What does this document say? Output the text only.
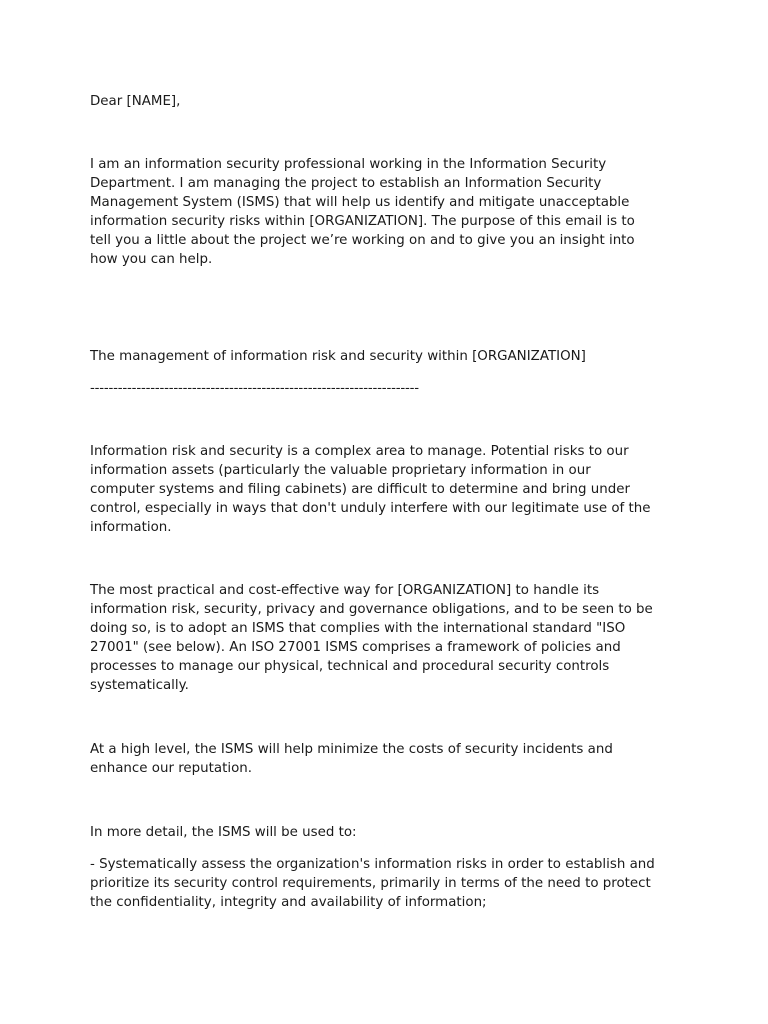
Dear [NAME],

I am an information security professional working in the Information Security
Department. I am managing the project to establish an Information Security
Management System (ISMS) that will help us identify and mitigate unacceptable
information security risks within [ORGANIZATION]. The purpose of this email is to
tell you a little about the project we’re working on and to give you an insight into
how you can help.

The management of information risk and security within [ORGANIZATION]

-----------------------------------------------------------------------

Information risk and security is a complex area to manage. Potential risks to our
information assets (particularly the valuable proprietary information in our
computer systems and filing cabinets) are difficult to determine and bring under
control, especially in ways that don't unduly interfere with our legitimate use of the
information.
The most practical and cost-effective way for [ORGANIZATION] to handle its
information risk, security, privacy and governance obligations, and to be seen to be
doing so, is to adopt an ISMS that complies with the international standard "ISO
27001" (see below). An ISO 27001 ISMS comprises a framework of policies and
processes to manage our physical, technical and procedural security controls
systematically.
At a high level, the ISMS will help minimize the costs of security incidents and
enhance our reputation.

In more detail, the ISMS will be used to:

- Systematically assess the organization's information risks in order to establish and
prioritize its security control requirements, primarily in terms of the need to protect
the confidentiality, integrity and availability of information;
